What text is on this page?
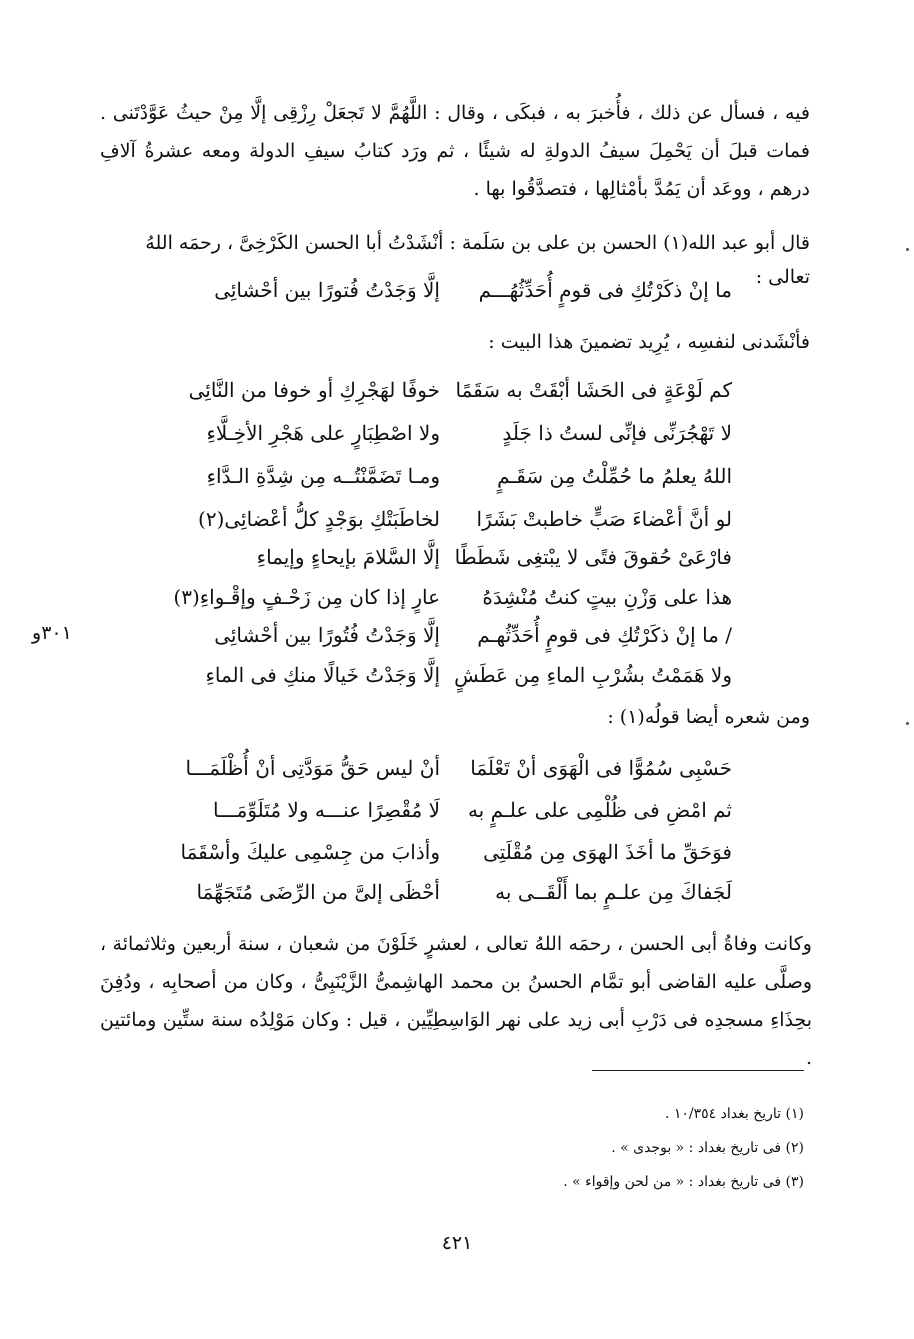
فيه ، فسأل عن ذلك ، فأُخبرَ به ، فبكَى ، وقال : اللَّهُمَّ لا تَجعَلْ رِزْقِى إلَّا مِنْ حيثُ عَوَّدْتَنى . فمات قبلَ أن يَحْمِلَ سيفُ الدولةِ له شيئًا ، ثم ورَد كتابُ سيفِ الدولة ومعه عشرةُ آلافِ درهم ، ووعَد أن يَمُدَّ بأمْثالِها ، فتصدَّقُوا بها .
قال أبو عبد الله(١) الحسن بن على بن سَلَمة : أنْشَدْتُ أبا الحسن الكَرْخِىَّ ، رحمَه اللهُ تعالى :
ما إنْ ذكَرْتُكِ فى قومٍ أُحَدِّثُهُـــم
إلَّا وَجَدْتُ فُتورًا بين أحْشائِى
فأنْشَدنى لنفسِه ، يُرِيد تضمينَ هذا البيت :
كم لَوْعَةٍ فى الحَشَا أبْقَتْ به سَقَمًا
خوفًا لهَجْرِكِ أو خوفا من النَّائِى
لا تَهْجُرَنِّى فإنِّى لستُ ذا جَلَدٍ
ولا اصْطِبَارٍ على هَجْرِ الأخِـلَّاءِ
اللهُ يعلمُ ما حُمِّلْتُ مِن سَقَـمٍ
ومـا تَضَمَّنْتُــه مِن شِدَّةِ الـدَّاءِ
لو أنَّ أعْضاءَ صَبٍّ خاطبتْ بَشَرًا
لخاطَبَتْكِ بوَجْدٍ كلُّ أعْضائِى(٢)
فارْعَىْ حُقوقَ فتًى لا يبْتغِى شَطَطًا
إلَّا السَّلامَ بإيحاءٍ وإيماءِ
هذا على وَزْنِ بيتٍ كنتُ مُنْشِدَهُ
عارٍ إذا كان مِن زَحْـفٍ وإقْـواءِ(٣)
/ ما إنْ ذكَرْتُكِ فى قومٍ أُحَدِّثُهـم
إلَّا وَجَدْتُ فُتُورًا بين أحْشائِى
ولا هَمَمْتُ بشُرْبِ الماءِ مِن عَطَشٍ
إلَّا وَجَدْتُ خَيالًا منكِ فى الماءِ
٣٠١و
ومن شعره أيضا قولُه(١) :
حَسْبِى سُمُوًّا فى الْهَوَى أنْ تَعْلَمَا
أنْ ليس حَقُّ مَوَدَّتِى أنْ أُظْلَمَـــا
ثم امْضِ فى ظُلْمِى على علـمٍ به
لَا مُقْصِرًا عنـــه ولا مُتَلَوِّمَـــا
فوَحَقِّ ما أخَذَ الهوَى مِن مُقْلَتِى
وأذابَ من جِسْمِى عليكَ وأسْقَمَا
لَجَفاكَ مِن علـمٍ بما أَلْقَــى به
أحْظَى إلىَّ من الرِّضَى مُتَجَهِّمَا
وكانت وفاةُ أبى الحسن ، رحمَه اللهُ تعالى ، لعشرٍ خَلَوْنَ من شعبان ، سنة أربعين وثلاثمائة ، وصلَّى عليه القاضى أبو تمَّام الحسنُ بن محمد الهاشِمىُّ الزَّيْنَبِىُّ ، وكان من أصحابِه ، ودُفِنَ بحِذَاءِ مسجدِه فى دَرْبِ أبى زيد على نهر الوَاسِطِيِّين ، قيل : وكان مَوْلِدُه سنة ستِّين ومائتين .
(١) تاريخ بغداد ١٠/٣٥٤ .
(٢) فى تاريخ بغداد : « بوجدى » .
(٣) فى تاريخ بغداد : « من لحن وإقواء » .
٤٢١
